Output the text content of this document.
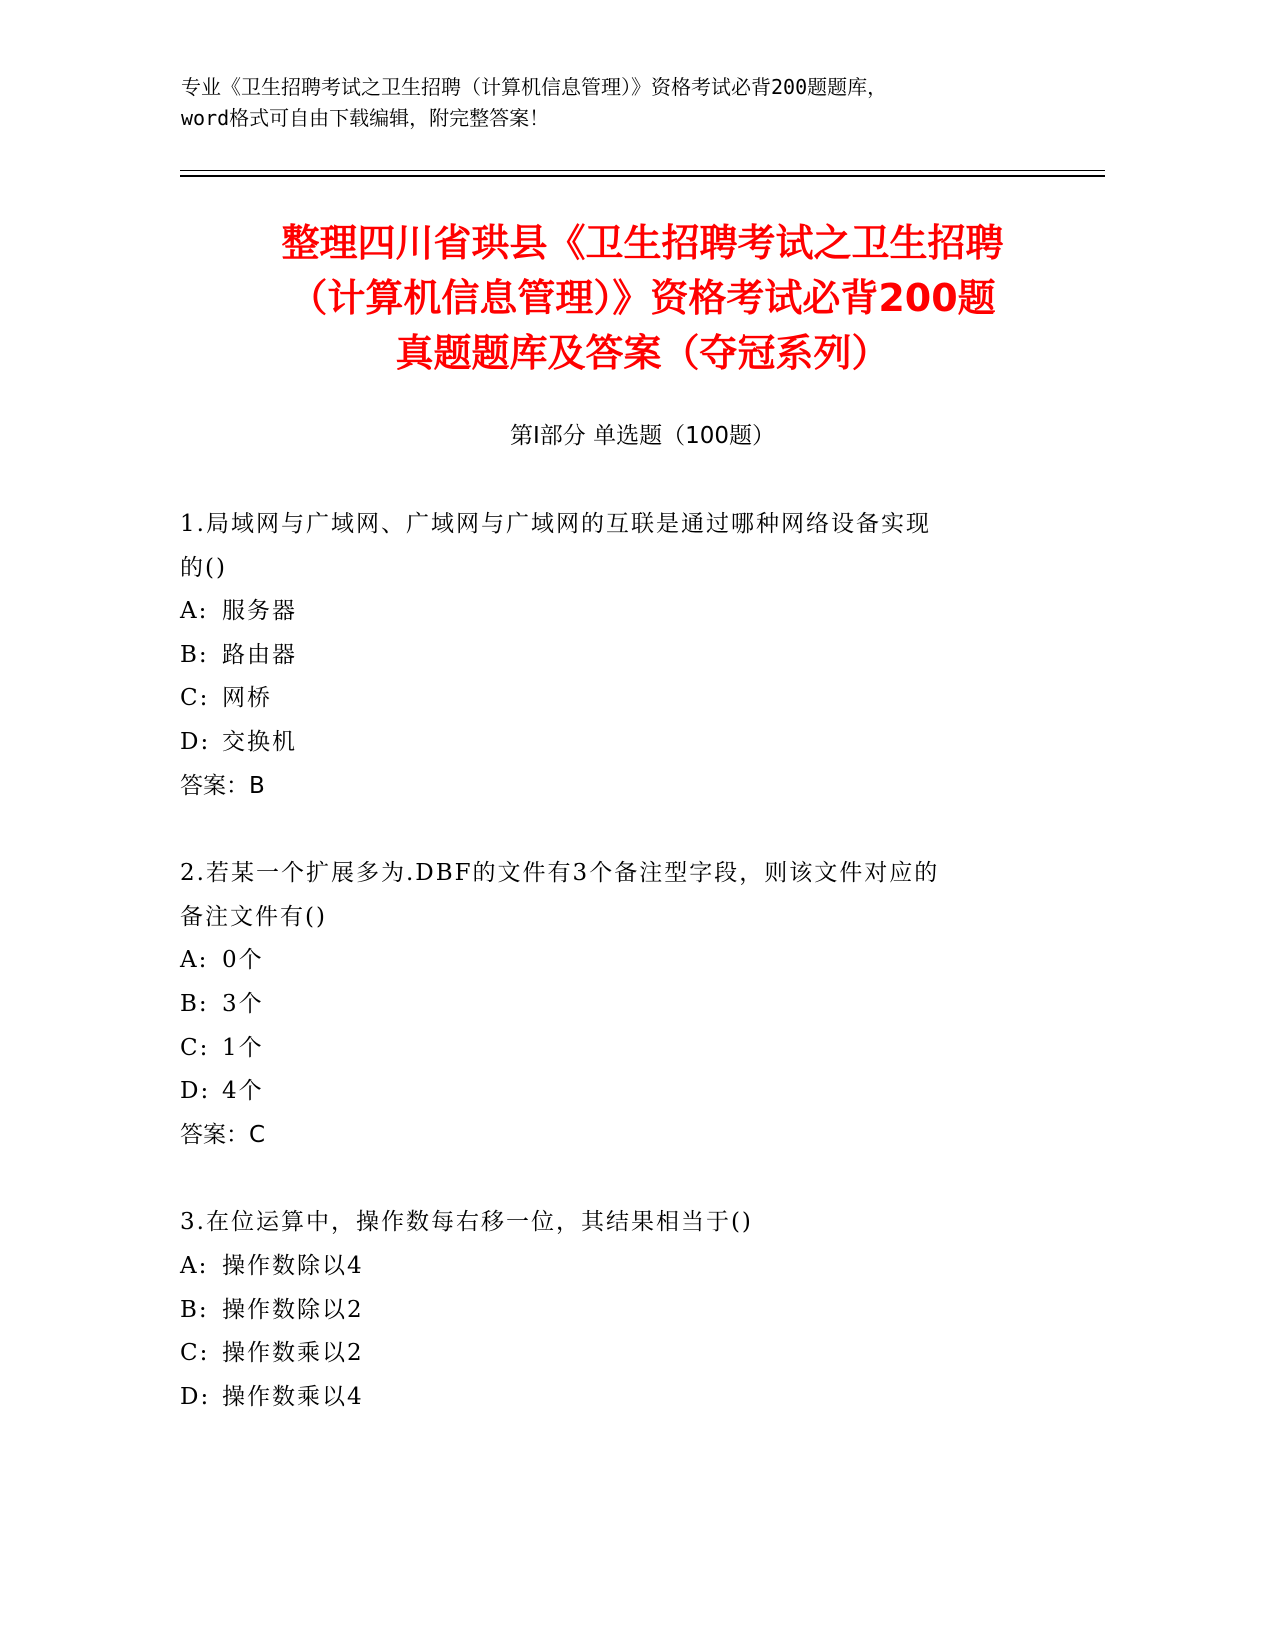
专业《卫生招聘考试之卫生招聘（计算机信息管理）》资格考试必背200题题库，
word格式可自由下载编辑，附完整答案！
整理四川省珙县《卫生招聘考试之卫生招聘
（计算机信息管理）》资格考试必背200题
真题题库及答案（夺冠系列）
第I部分 单选题（100题）
1.局域网与广域网、广域网与广域网的互联是通过哪种网络设备实现
的()
A: 服务器
B: 路由器
C: 网桥
D: 交换机
答案：B
2.若某一个扩展多为.DBF的文件有3个备注型字段，则该文件对应的
备注文件有()
A: 0个
B: 3个
C: 1个
D: 4个
答案：C
3.在位运算中，操作数每右移一位，其结果相当于()
A: 操作数除以4
B: 操作数除以2
C: 操作数乘以2
D: 操作数乘以4
